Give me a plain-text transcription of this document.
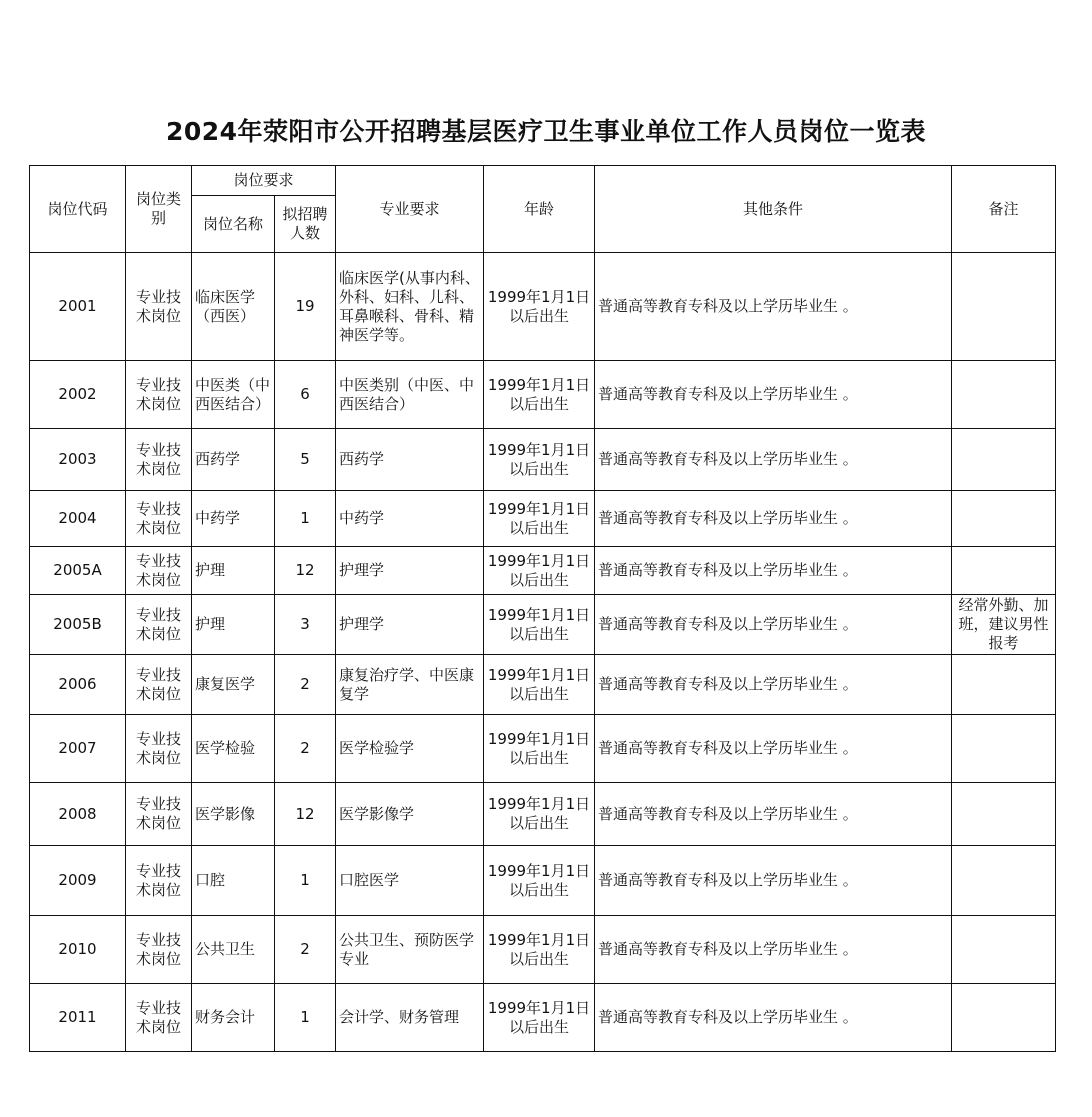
2024年荥阳市公开招聘基层医疗卫生事业单位工作人员岗位一览表
岗位代码	岗位类别	岗位要求		专业要求	年龄	其他条件	备注
		岗位名称	拟招聘人数				
2001	专业技术岗位	临床医学（西医）	19	临床医学(从事内科、外科、妇科、儿科、耳鼻喉科、骨科、精神医学等。	1999年1月1日以后出生	普通高等教育专科及以上学历毕业生 。	
2002	专业技术岗位	中医类（中西医结合）	6	中医类别（中医、中西医结合）	1999年1月1日以后出生	普通高等教育专科及以上学历毕业生 。	
2003	专业技术岗位	西药学	5	西药学	1999年1月1日以后出生	普通高等教育专科及以上学历毕业生 。	
2004	专业技术岗位	中药学	1	中药学	1999年1月1日以后出生	普通高等教育专科及以上学历毕业生 。	
2005A	专业技术岗位	护理	12	护理学	1999年1月1日以后出生	普通高等教育专科及以上学历毕业生 。	
2005B	专业技术岗位	护理	3	护理学	1999年1月1日以后出生	普通高等教育专科及以上学历毕业生 。	经常外勤、加班，建议男性报考
2006	专业技术岗位	康复医学	2	康复治疗学、中医康复学	1999年1月1日以后出生	普通高等教育专科及以上学历毕业生 。	
2007	专业技术岗位	医学检验	2	医学检验学	1999年1月1日以后出生	普通高等教育专科及以上学历毕业生 。	
2008	专业技术岗位	医学影像	12	医学影像学	1999年1月1日以后出生	普通高等教育专科及以上学历毕业生 。	
2009	专业技术岗位	口腔	1	口腔医学	1999年1月1日以后出生	普通高等教育专科及以上学历毕业生 。	
2010	专业技术岗位	公共卫生	2	公共卫生、预防医学专业	1999年1月1日以后出生	普通高等教育专科及以上学历毕业生 。	
2011	专业技术岗位	财务会计	1	会计学、财务管理	1999年1月1日以后出生	普通高等教育专科及以上学历毕业生 。	
